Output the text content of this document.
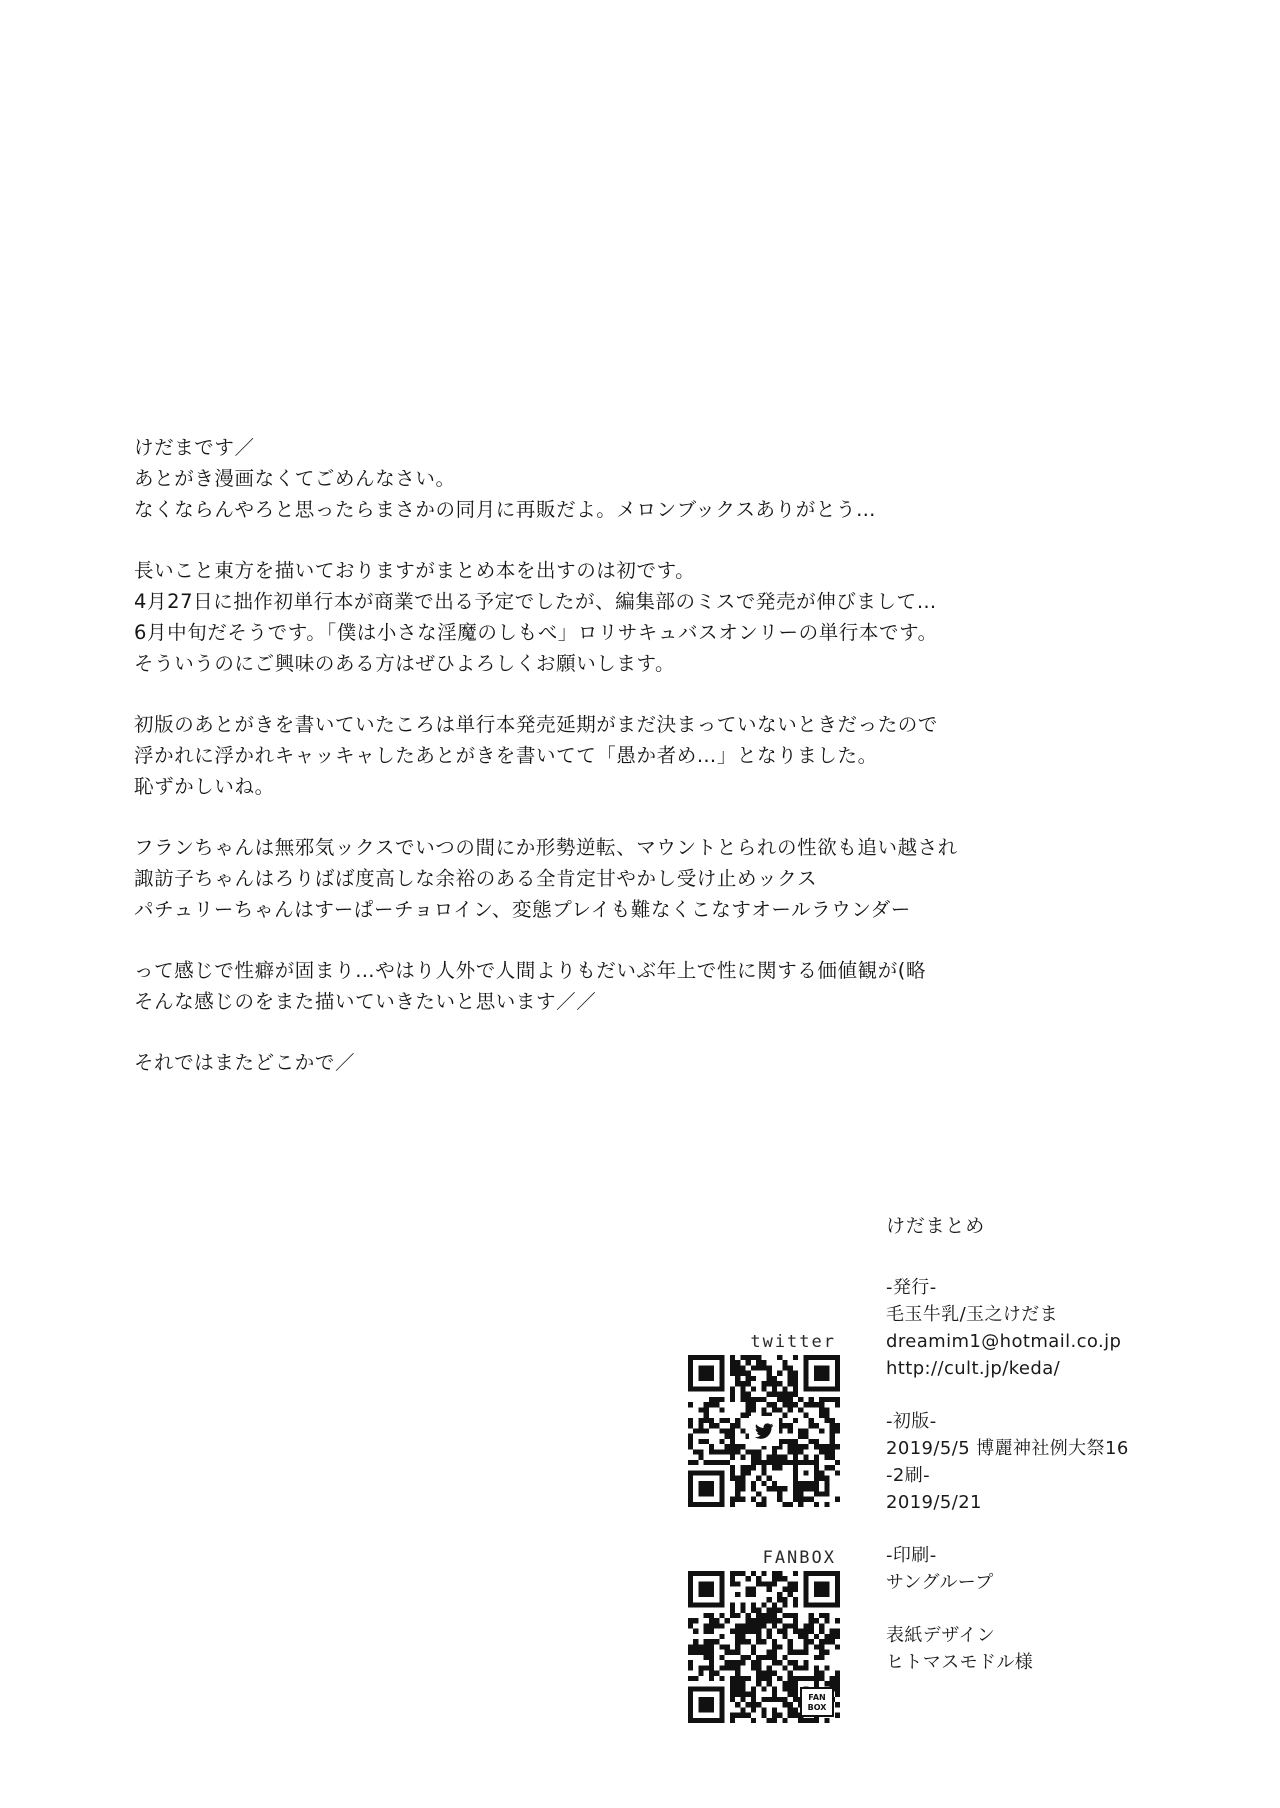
けだまです／
あとがき漫画なくてごめんなさい。
なくならんやろと思ったらまさかの同月に再販だよ。メロンブックスありがとう…
長いこと東方を描いておりますがまとめ本を出すのは初です。
4月27日に拙作初単行本が商業で出る予定でしたが、編集部のミスで発売が伸びまして…
6月中旬だそうです。「僕は小さな淫魔のしもべ」ロリサキュバスオンリーの単行本です。
そういうのにご興味のある方はぜひよろしくお願いします。
初版のあとがきを書いていたころは単行本発売延期がまだ決まっていないときだったので
浮かれに浮かれキャッキャしたあとがきを書いてて「愚か者め…」となりました。
恥ずかしいね。
フランちゃんは無邪気ックスでいつの間にか形勢逆転、マウントとられの性欲も追い越され
諏訪子ちゃんはろりばば度高しな余裕のある全肯定甘やかし受け止めックス
パチュリーちゃんはすーぱーチョロイン、変態プレイも難なくこなすオールラウンダー
って感じで性癖が固まり…やはり人外で人間よりもだいぶ年上で性に関する価値観が(略
そんな感じのをまた描いていきたいと思います／／
それではまたどこかで／
けだまとめ
-発行-
毛玉牛乳/玉之けだま
dreamim1@hotmail.co.jp
http://cult.jp/keda/
-初版-
2019/5/5 博麗神社例大祭16
-2刷-
2019/5/21
-印刷-
サングループ
表紙デザイン
ヒトマスモドル様
twitter
FANBOX
FAN
BOX
